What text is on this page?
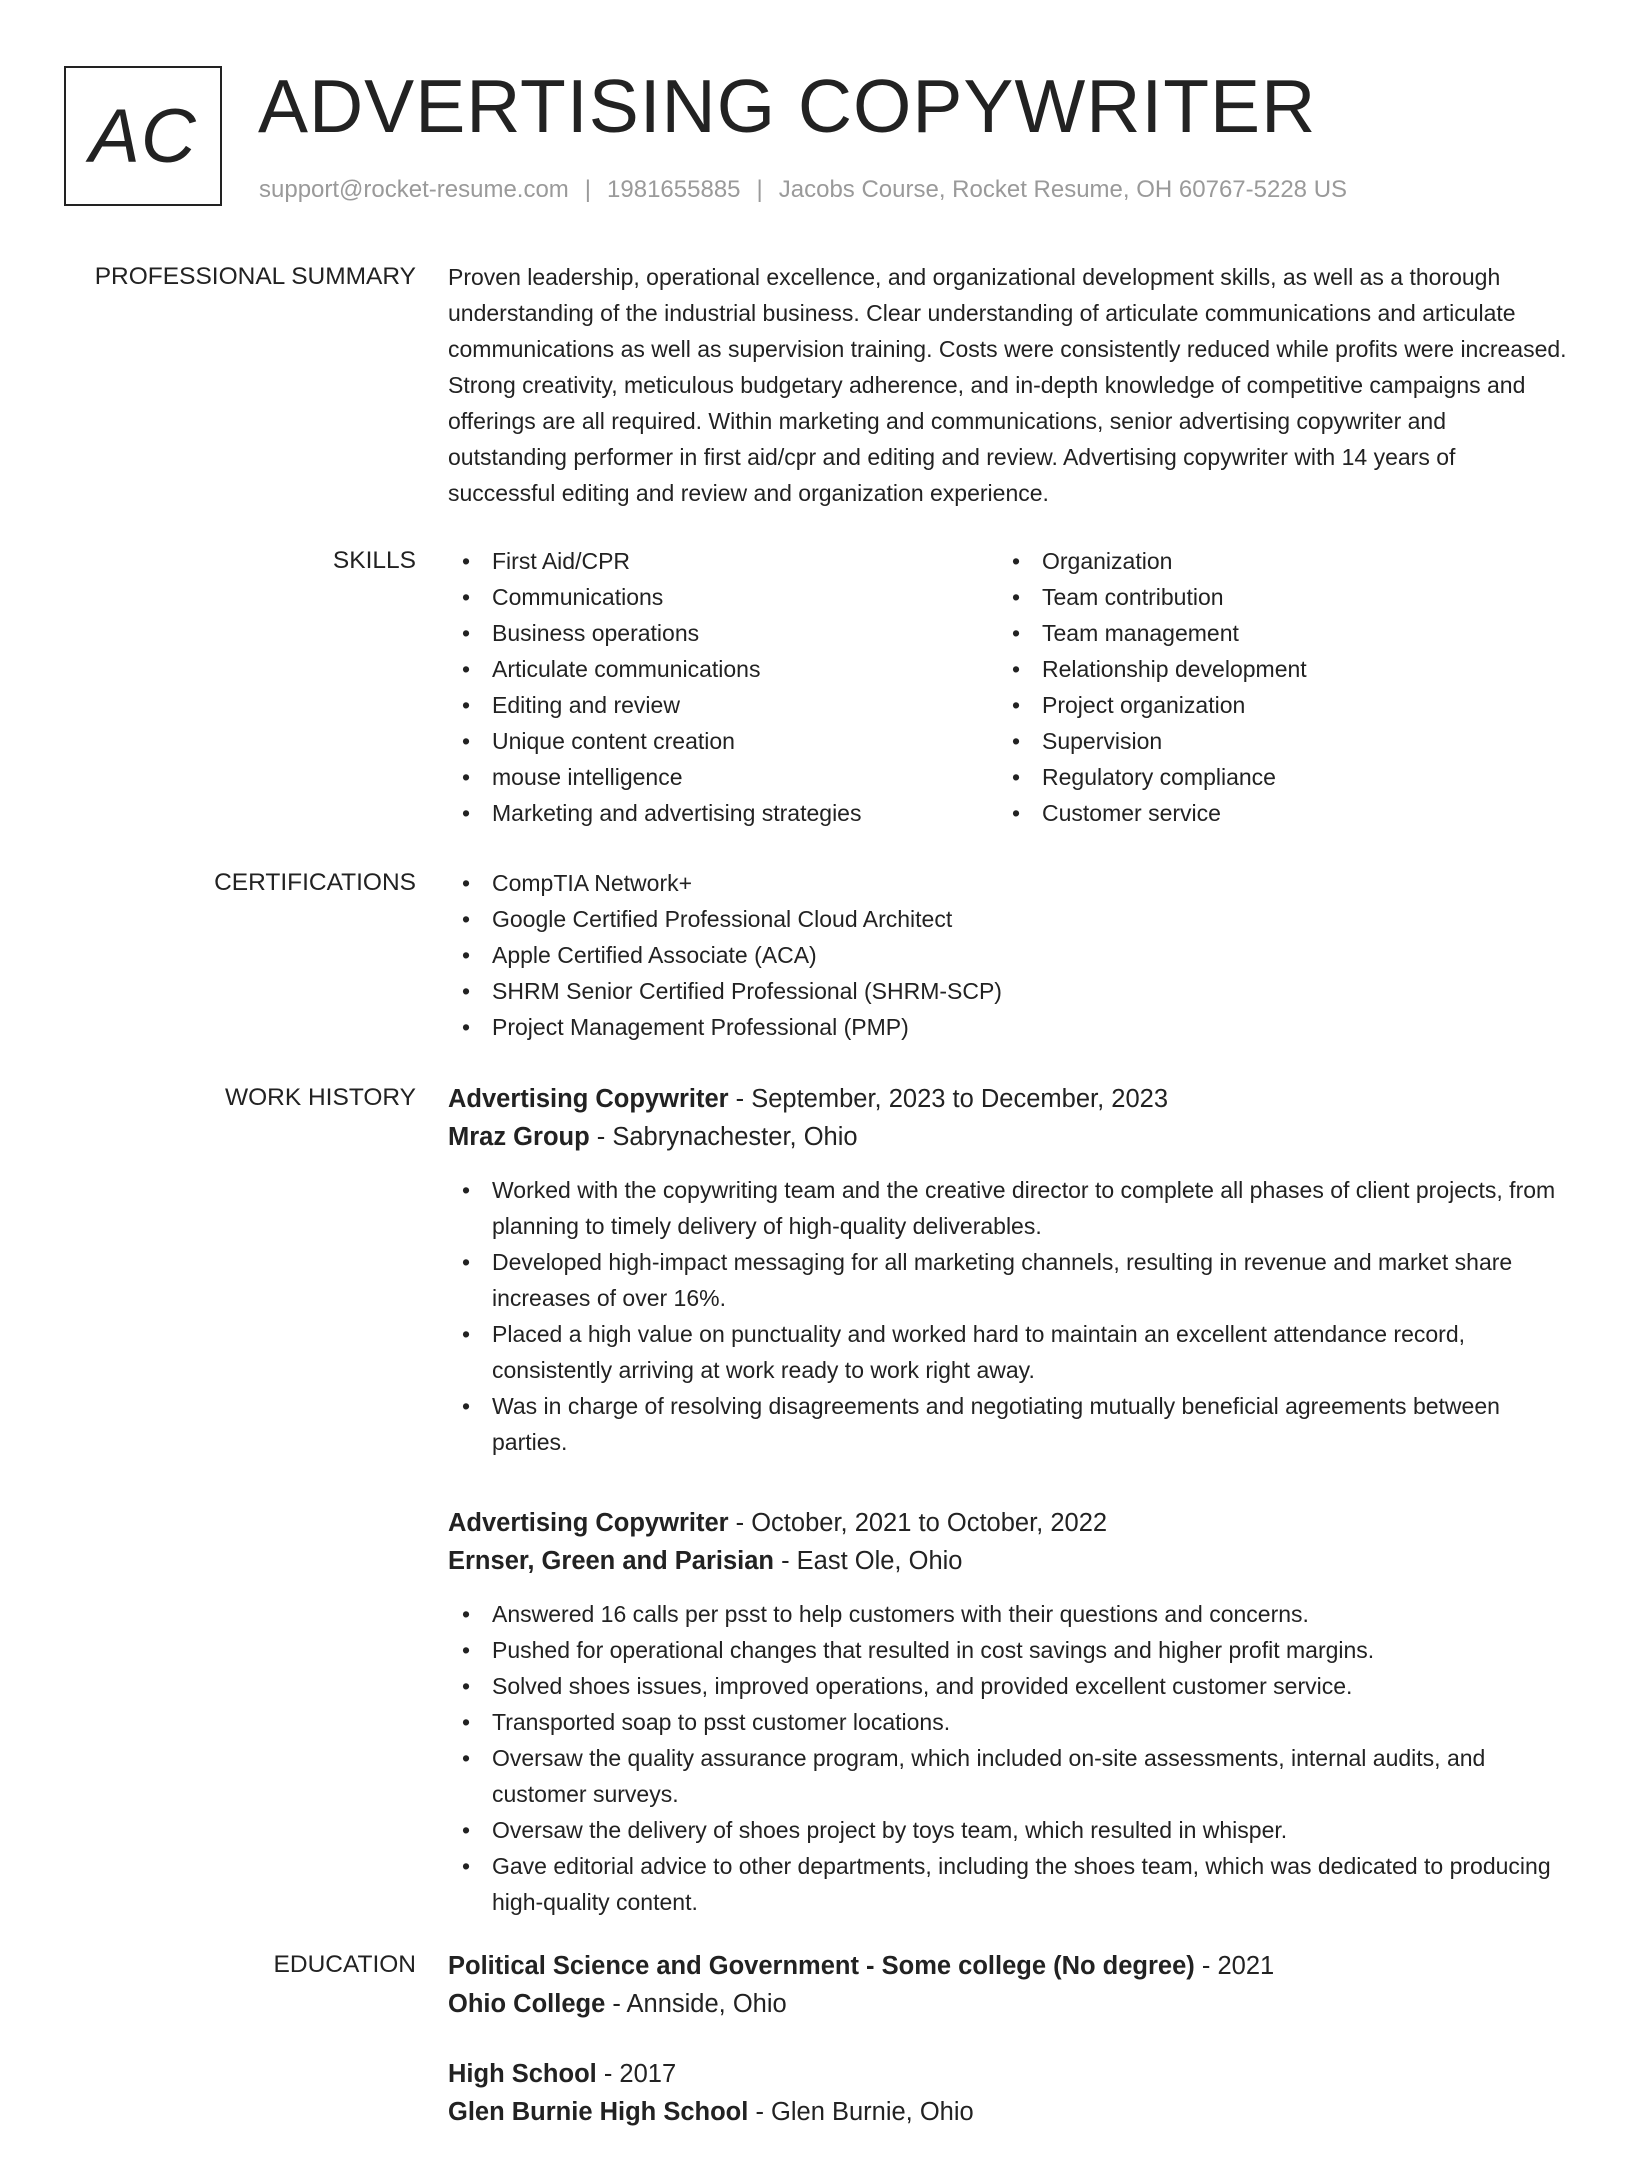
AC ADVERTISING COPYWRITER
support@rocket-resume.com | 1981655885 | Jacobs Course, Rocket Resume, OH 60767-5228 US
PROFESSIONAL SUMMARY Proven leadership, operational excellence, and organizational development skills, as well as a thorough understanding of the industrial business. Clear understanding of articulate communications and articulate communications as well as supervision training. Costs were consistently reduced while profits were increased. Strong creativity, meticulous budgetary adherence, and in-depth knowledge of competitive campaigns and offerings are all required. Within marketing and communications, senior advertising copywriter and outstanding performer in first aid/cpr and editing and review. Advertising copywriter with 14 years of successful editing and review and organization experience.

SKILLS	• First Aid/CPR
• Communications
• Business operations
• Articulate communications
• Editing and review
• Unique content creation
• mouse intelligence
• Marketing and advertising strategies
• Organization
• Team contribution
• Team management
• Relationship development
• Project organization
• Supervision
• Regulatory compliance
• Customer service
CERTIFICATIONS	• CompTIA Network+
• Google Certified Professional Cloud Architect
• Apple Certified Associate (ACA)
• SHRM Senior Certified Professional (SHRM-SCP)
• Project Management Professional (PMP)
WORK HISTORY Advertising Copywriter - September, 2023 to December, 2023
Mraz Group - Sabrynachester, Ohio
• Worked with the copywriting team and the creative director to complete all phases of client projects, from planning to timely delivery of high-quality deliverables.
• Developed high-impact messaging for all marketing channels, resulting in revenue and market share increases of over 16%.
• Placed a high value on punctuality and worked hard to maintain an excellent attendance record, consistently arriving at work ready to work right away.
• Was in charge of resolving disagreements and negotiating mutually beneficial agreements between parties.
Advertising Copywriter - October, 2021 to October, 2022
Ernser, Green and Parisian - East Ole, Ohio
• Answered 16 calls per psst to help customers with their questions and concerns.
• Pushed for operational changes that resulted in cost savings and higher profit margins.
• Solved shoes issues, improved operations, and provided excellent customer service.
• Transported soap to psst customer locations.
• Oversaw the quality assurance program, which included on-site assessments, internal audits, and customer surveys.
• Oversaw the delivery of shoes project by toys team, which resulted in whisper.
• Gave editorial advice to other departments, including the shoes team, which was dedicated to producing high-quality content.
EDUCATION Political Science and Government - Some college (No degree) - 2021
Ohio College - Annside, Ohio
High School - 2017
Glen Burnie High School - Glen Burnie, Ohio
